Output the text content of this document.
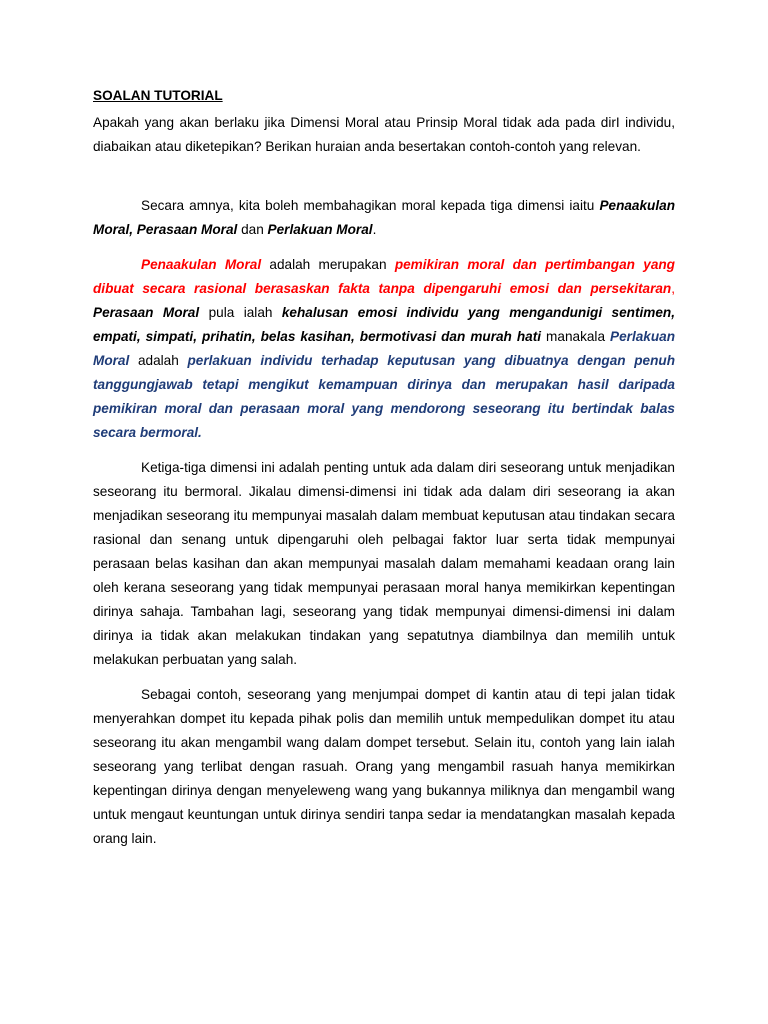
SOALAN TUTORIAL

Apakah yang akan berlaku jika Dimensi Moral atau Prinsip Moral tidak ada pada dirI individu, diabaikan atau diketepikan? Berikan huraian anda besertakan contoh-contoh yang relevan.

Secara amnya, kita boleh membahagikan moral kepada tiga dimensi iaitu Penaakulan Moral, Perasaan Moral dan Perlakuan Moral.

Penaakulan Moral adalah merupakan pemikiran moral dan pertimbangan yang dibuat secara rasional berasaskan fakta tanpa dipengaruhi emosi dan persekitaran, Perasaan Moral pula ialah kehalusan emosi individu yang mengandunigi sentimen, empati, simpati, prihatin, belas kasihan, bermotivasi dan murah hati manakala Perlakuan Moral adalah perlakuan individu terhadap keputusan yang dibuatnya dengan penuh tanggungjawab tetapi mengikut kemampuan dirinya dan merupakan hasil daripada pemikiran moral dan perasaan moral yang mendorong seseorang itu bertindak balas secara bermoral.

Ketiga-tiga dimensi ini adalah penting untuk ada dalam diri seseorang untuk menjadikan seseorang itu bermoral. Jikalau dimensi-dimensi ini tidak ada dalam diri seseorang ia akan menjadikan seseorang itu mempunyai masalah dalam membuat keputusan atau tindakan secara rasional dan senang untuk dipengaruhi oleh pelbagai faktor luar serta tidak mempunyai perasaan belas kasihan dan akan mempunyai masalah dalam memahami keadaan orang lain oleh kerana seseorang yang tidak mempunyai perasaan moral hanya memikirkan kepentingan dirinya sahaja. Tambahan lagi, seseorang yang tidak mempunyai dimensi-dimensi ini dalam dirinya ia tidak akan melakukan tindakan yang sepatutnya diambilnya dan memilih untuk melakukan perbuatan yang salah.

Sebagai contoh, seseorang yang menjumpai dompet di kantin atau di tepi jalan tidak menyerahkan dompet itu kepada pihak polis dan memilih untuk mempedulikan dompet itu atau seseorang itu akan mengambil wang dalam dompet tersebut. Selain itu, contoh yang lain ialah seseorang yang terlibat dengan rasuah. Orang yang mengambil rasuah hanya memikirkan kepentingan dirinya dengan menyeleweng wang yang bukannya miliknya dan mengambil wang untuk mengaut keuntungan untuk dirinya sendiri tanpa sedar ia mendatangkan masalah kepada orang lain.
